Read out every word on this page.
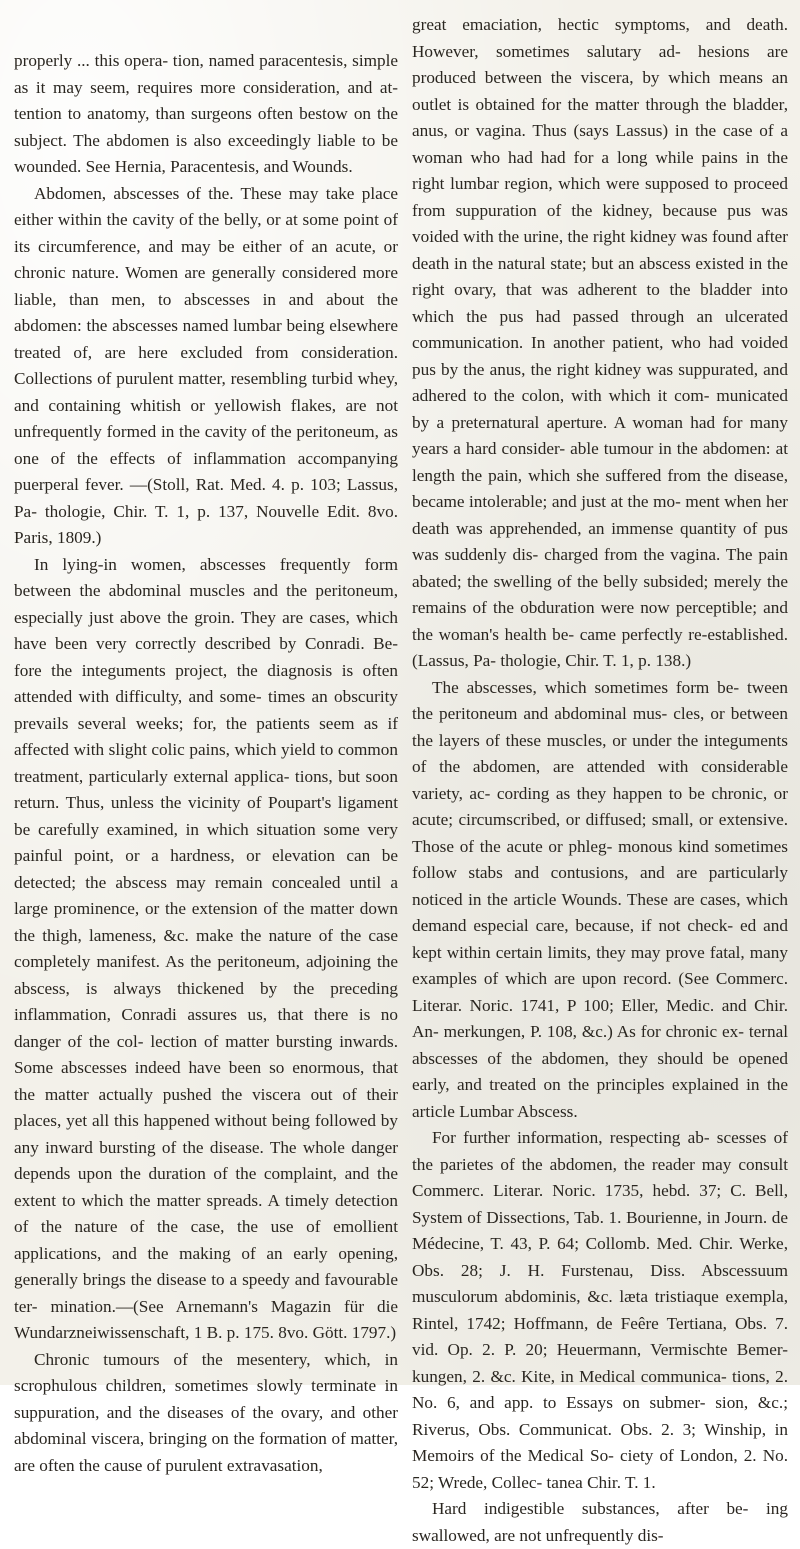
properly ... this opera- tion, named paracentesis, simple as it may seem, requires more consideration, and at- tention to anatomy, than surgeons often bestow on the subject. The abdomen is also exceedingly liable to be wounded. See Hernia, Paracentesis, and Wounds.

Abdomen, abscesses of the. These may take place either within the cavity of the belly, or at some point of its circumference, and may be either of an acute, or chronic nature. Women are generally considered more liable, than men, to abscesses in and about the abdomen: the abscesses named lumbar being elsewhere treated of, are here excluded from consideration. Collections of purulent matter, resembling turbid whey, and containing whitish or yellowish flakes, are not unfrequently formed in the cavity of the peritoneum, as one of the effects of inflammation accompanying puerperal fever. —(Stoll, Rat. Med. 4. p. 103; Lassus, Pa- thologie, Chir. T. 1, p. 137, Nouvelle Edit. 8vo. Paris, 1809.)

In lying-in women, abscesses frequently form between the abdominal muscles and the peritoneum, especially just above the groin. They are cases, which have been very correctly described by Conradi. Be- fore the integuments project, the diagnosis is often attended with difficulty, and some- times an obscurity prevails several weeks; for, the patients seem as if affected with slight colic pains, which yield to common treatment, particularly external applica- tions, but soon return. Thus, unless the vicinity of Poupart's ligament be carefully examined, in which situation some very painful point, or a hardness, or elevation can be detected; the abscess may remain concealed until a large prominence, or the extension of the matter down the thigh, lameness, &c. make the nature of the case completely manifest. As the peritoneum, adjoining the abscess, is always thickened by the preceding inflammation, Conradi assures us, that there is no danger of the col- lection of matter bursting inwards. Some abscesses indeed have been so enormous, that the matter actually pushed the viscera out of their places, yet all this happened without being followed by any inward bursting of the disease. The whole danger depends upon the duration of the complaint, and the extent to which the matter spreads. A timely detection of the nature of the case, the use of emollient applications, and the making of an early opening, generally brings the disease to a speedy and favourable ter- mination.—(See Arnemann's Magazin für die Wundarzneiwissenschaft, 1 B. p. 175. 8vo. Gött. 1797.)

Chronic tumours of the mesentery, which, in scrophulous children, sometimes slowly terminate in suppuration, and the diseases of the ovary, and other abdominal viscera, bringing on the formation of matter, are often the cause of purulent extravasation,

great emaciation, hectic symptoms, and death. However, sometimes salutary ad- hesions are produced between the viscera, by which means an outlet is obtained for the matter through the bladder, anus, or vagina. Thus (says Lassus) in the case of a woman who had had for a long while pains in the right lumbar region, which were supposed to proceed from suppuration of the kidney, because pus was voided with the urine, the right kidney was found after death in the natural state; but an abscess existed in the right ovary, that was adherent to the bladder into which the pus had passed through an ulcerated communication. In another patient, who had voided pus by the anus, the right kidney was suppurated, and adhered to the colon, with which it com- municated by a preternatural aperture. A woman had for many years a hard consider- able tumour in the abdomen: at length the pain, which she suffered from the disease, became intolerable; and just at the mo- ment when her death was apprehended, an immense quantity of pus was suddenly dis- charged from the vagina. The pain abated; the swelling of the belly subsided; merely the remains of the obduration were now perceptible; and the woman's health be- came perfectly re-established. (Lassus, Pa- thologie, Chir. T. 1, p. 138.)

The abscesses, which sometimes form be- tween the peritoneum and abdominal mus- cles, or between the layers of these muscles, or under the integuments of the abdomen, are attended with considerable variety, ac- cording as they happen to be chronic, or acute; circumscribed, or diffused; small, or extensive. Those of the acute or phleg- monous kind sometimes follow stabs and contusions, and are particularly noticed in the article Wounds. These are cases, which demand especial care, because, if not check- ed and kept within certain limits, they may prove fatal, many examples of which are upon record. (See Commerc. Literar. Noric. 1741, P 100; Eller, Medic. and Chir. An- merkungen, P. 108, &c.) As for chronic ex- ternal abscesses of the abdomen, they should be opened early, and treated on the principles explained in the article Lumbar Abscess.

For further information, respecting ab- scesses of the parietes of the abdomen, the reader may consult Commerc. Literar. Noric. 1735, hebd. 37; C. Bell, System of Dissections, Tab. 1. Bourienne, in Journ. de Médecine, T. 43, P. 64; Collomb. Med. Chir. Werke, Obs. 28; J. H. Furstenau, Diss. Abscessuum musculorum abdominis, &c. læta tristiaque exempla, Rintel, 1742; Hoffmann, de Feêre Tertiana, Obs. 7. vid. Op. 2. P. 20; Heuermann, Vermischte Bemer- kungen, 2. &c. Kite, in Medical communica- tions, 2. No. 6, and app. to Essays on submer- sion, &c.; Riverus, Obs. Communicat. Obs. 2. 3; Winship, in Memoirs of the Medical So- ciety of London, 2. No. 52; Wrede, Collec- tanea Chir. T. 1.

Hard indigestible substances, after be- ing swallowed, are not unfrequently dis-
